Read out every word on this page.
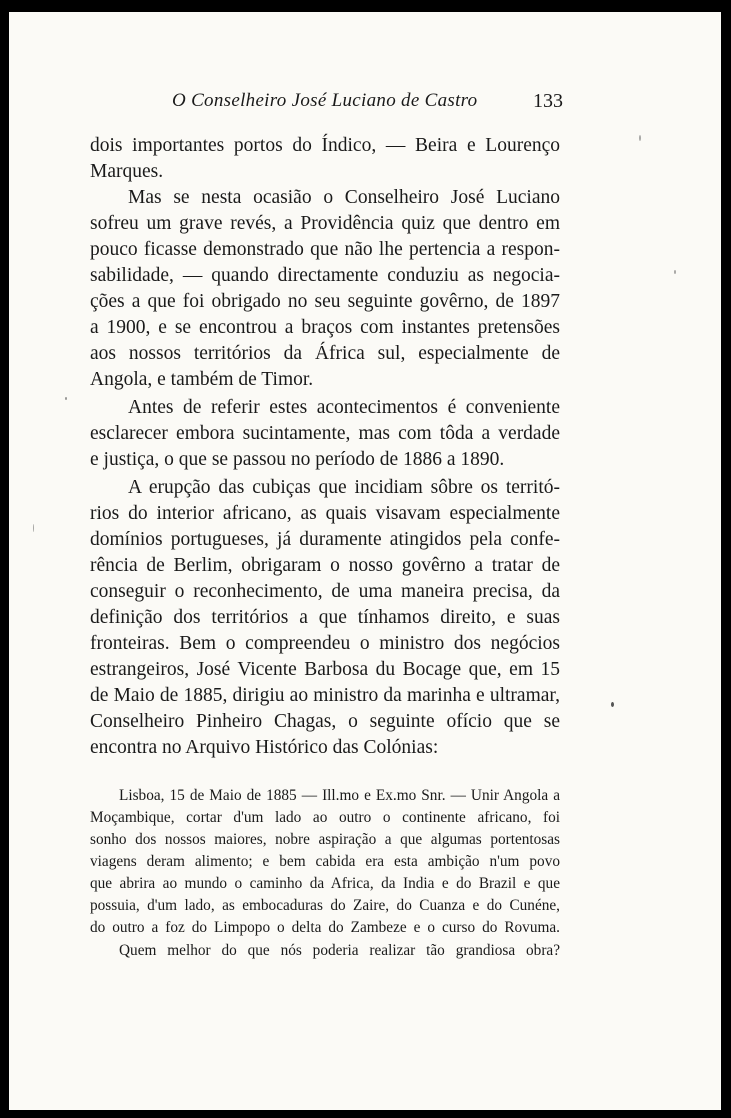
O Conselheiro José Luciano de Castro	133
dois importantes portos do Índico, — Beira e Lourenço
Marques.
Mas se nesta ocasião o Conselheiro José Luciano
sofreu um grave revés, a Providência quiz que dentro em
pouco ficasse demonstrado que não lhe pertencia a respon-
sabilidade, — quando directamente conduziu as negocia-
ções a que foi obrigado no seu seguinte govêrno, de 1897
a 1900, e se encontrou a braços com instantes pretensões
aos nossos territórios da África sul, especialmente de
Angola, e também de Timor.
Antes de referir estes acontecimentos é conveniente
esclarecer embora sucintamente, mas com tôda a verdade
e justiça, o que se passou no período de 1886 a 1890.
A erupção das cubiças que incidiam sôbre os territó-
rios do interior africano, as quais visavam especialmente
domínios portugueses, já duramente atingidos pela confe-
rência de Berlim, obrigaram o nosso govêrno a tratar de
conseguir o reconhecimento, de uma maneira precisa, da
definição dos territórios a que tínhamos direito, e suas
fronteiras. Bem o compreendeu o ministro dos negócios
estrangeiros, José Vicente Barbosa du Bocage que, em 15
de Maio de 1885, dirigiu ao ministro da marinha e ultramar,
Conselheiro Pinheiro Chagas, o seguinte ofício que se
encontra no Arquivo Histórico das Colónias:
Lisboa, 15 de Maio de 1885 — Ill.mo e Ex.mo Snr. — Unir Angola a
Moçambique, cortar d'um lado ao outro o continente africano, foi
sonho dos nossos maiores, nobre aspiração a que algumas portentosas
viagens deram alimento; e bem cabida era esta ambição n'um povo
que abrira ao mundo o caminho da Africa, da India e do Brazil e que
possuia, d'um lado, as embocaduras do Zaire, do Cuanza e do Cunéne,
do outro a foz do Limpopo o delta do Zambeze e o curso do Rovuma.
Quem melhor do que nós poderia realizar tão grandiosa obra?
